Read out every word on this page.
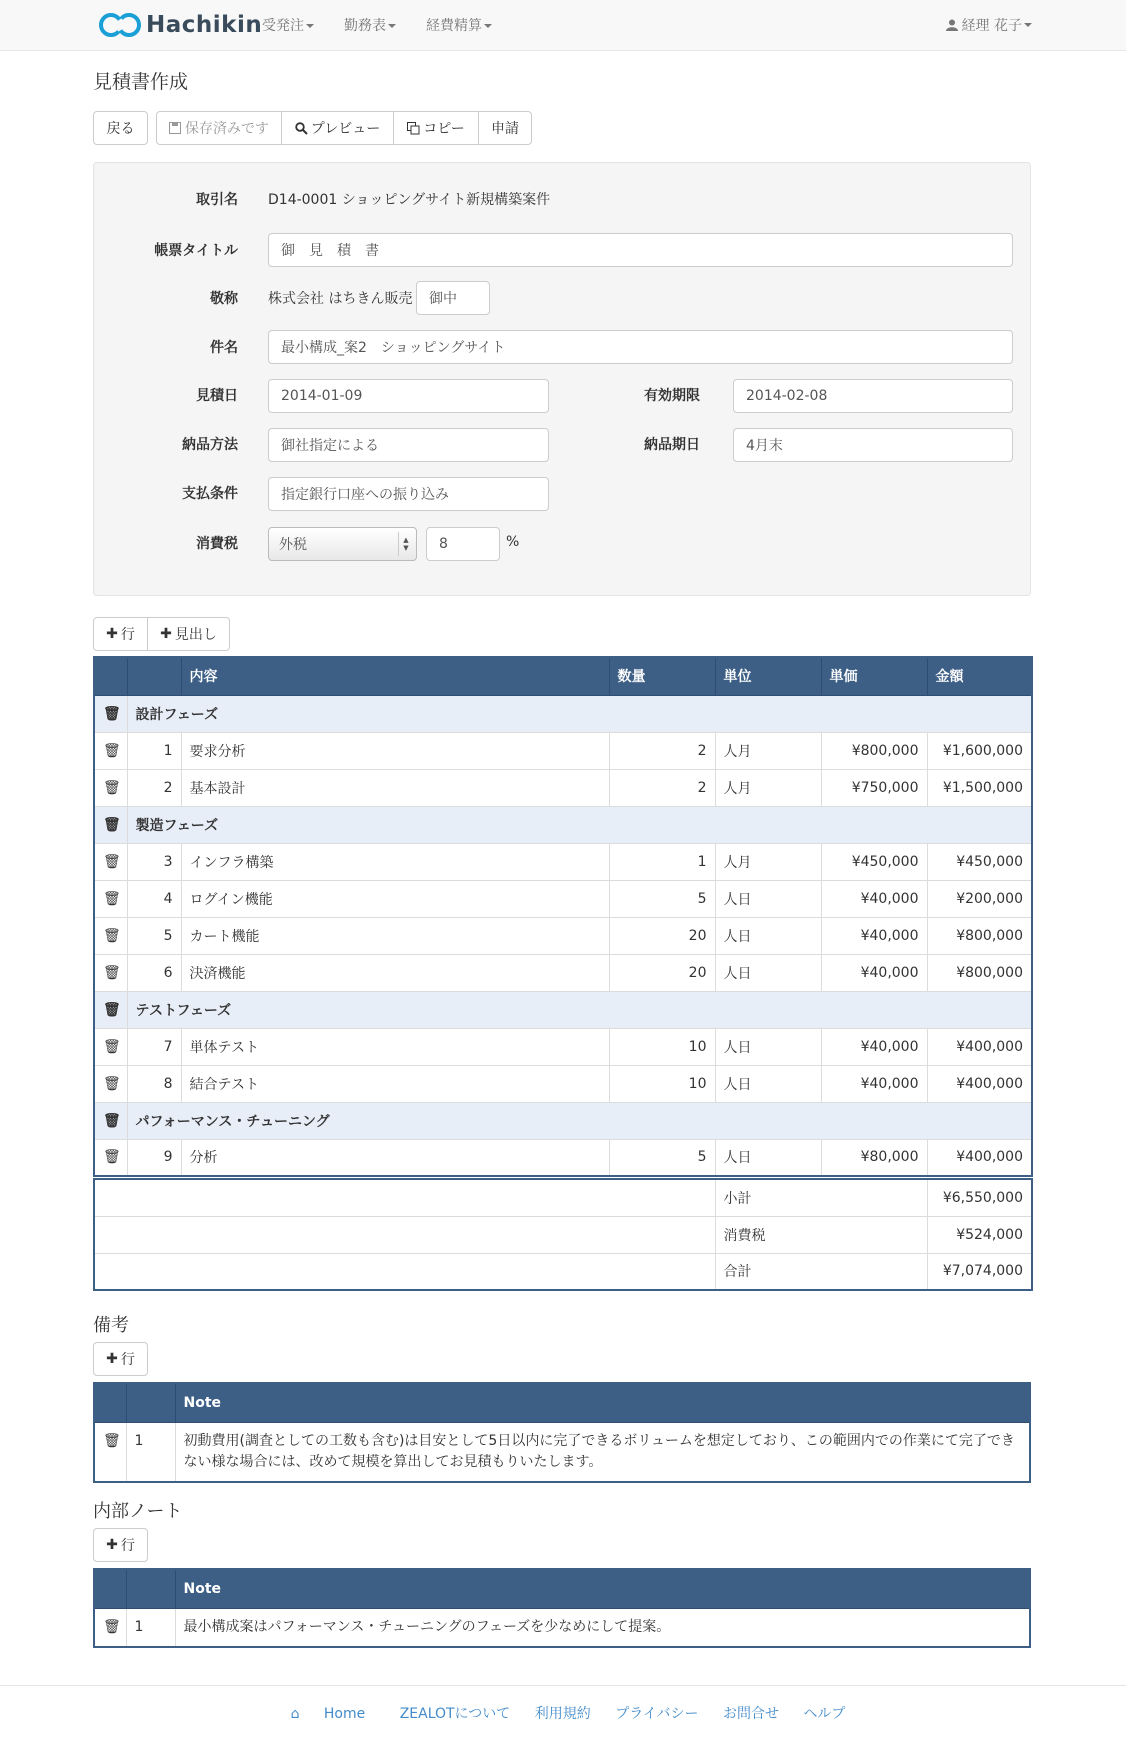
Hachikin 受発注	勤務表	経費精算	経理 花子
見積書作成
戻る	保存済みです	プレビュー	コピー 申請
取引名 D14-0001 ショッピングサイト新規構築案件
帳票タイトル	御　見　積　書
敬称 株式会社 はちきん販売	御中
件名	最小構成_案2　ショッピングサイト
見積日	2014-01-09	有効期限	2014-02-08
納品方法	御社指定による	納品期日	4月末
支払条件	指定銀行口座への振り込み
消費税	外税	▲
▼	8	%
✚ 行 ✚ 見出し
		内容	数量	単位	単価	金額
🗑	設計フェーズ					
🗑	1	要求分析	2	人月	¥800,000	¥1,600,000
🗑	2	基本設計	2	人月	¥750,000	¥1,500,000
🗑	製造フェーズ					
🗑	3	インフラ構築	1	人月	¥450,000	¥450,000
🗑	4	ログイン機能	5	人日	¥40,000	¥200,000
🗑	5	カート機能	20	人日	¥40,000	¥800,000
🗑	6	決済機能	20	人日	¥40,000	¥800,000
🗑	テストフェーズ					
🗑	7	単体テスト	10	人日	¥40,000	¥400,000
🗑	8	結合テスト	10	人日	¥40,000	¥400,000
🗑	パフォーマンス・チューニング					
🗑	9	分析	5	人日	¥80,000	¥400,000
	小計	¥6,550,000
	消費税	¥524,000
	合計	¥7,074,000
備考
✚ 行
		Note
🗑	1	初動費用(調査としての工数も含む)は目安として5日以内に完了できるボリュームを想定しており、この範囲内での作業にて完了できない様な場合には、改めて規模を算出してお見積もりいたします。
内部ノート
✚ 行
		Note
🗑	1	最小構成案はパフォーマンス・チューニングのフェーズを少なめにして提案。
⌂ Home ZEALOTについて 利用規約 プライバシー お問合せ ヘルプ
